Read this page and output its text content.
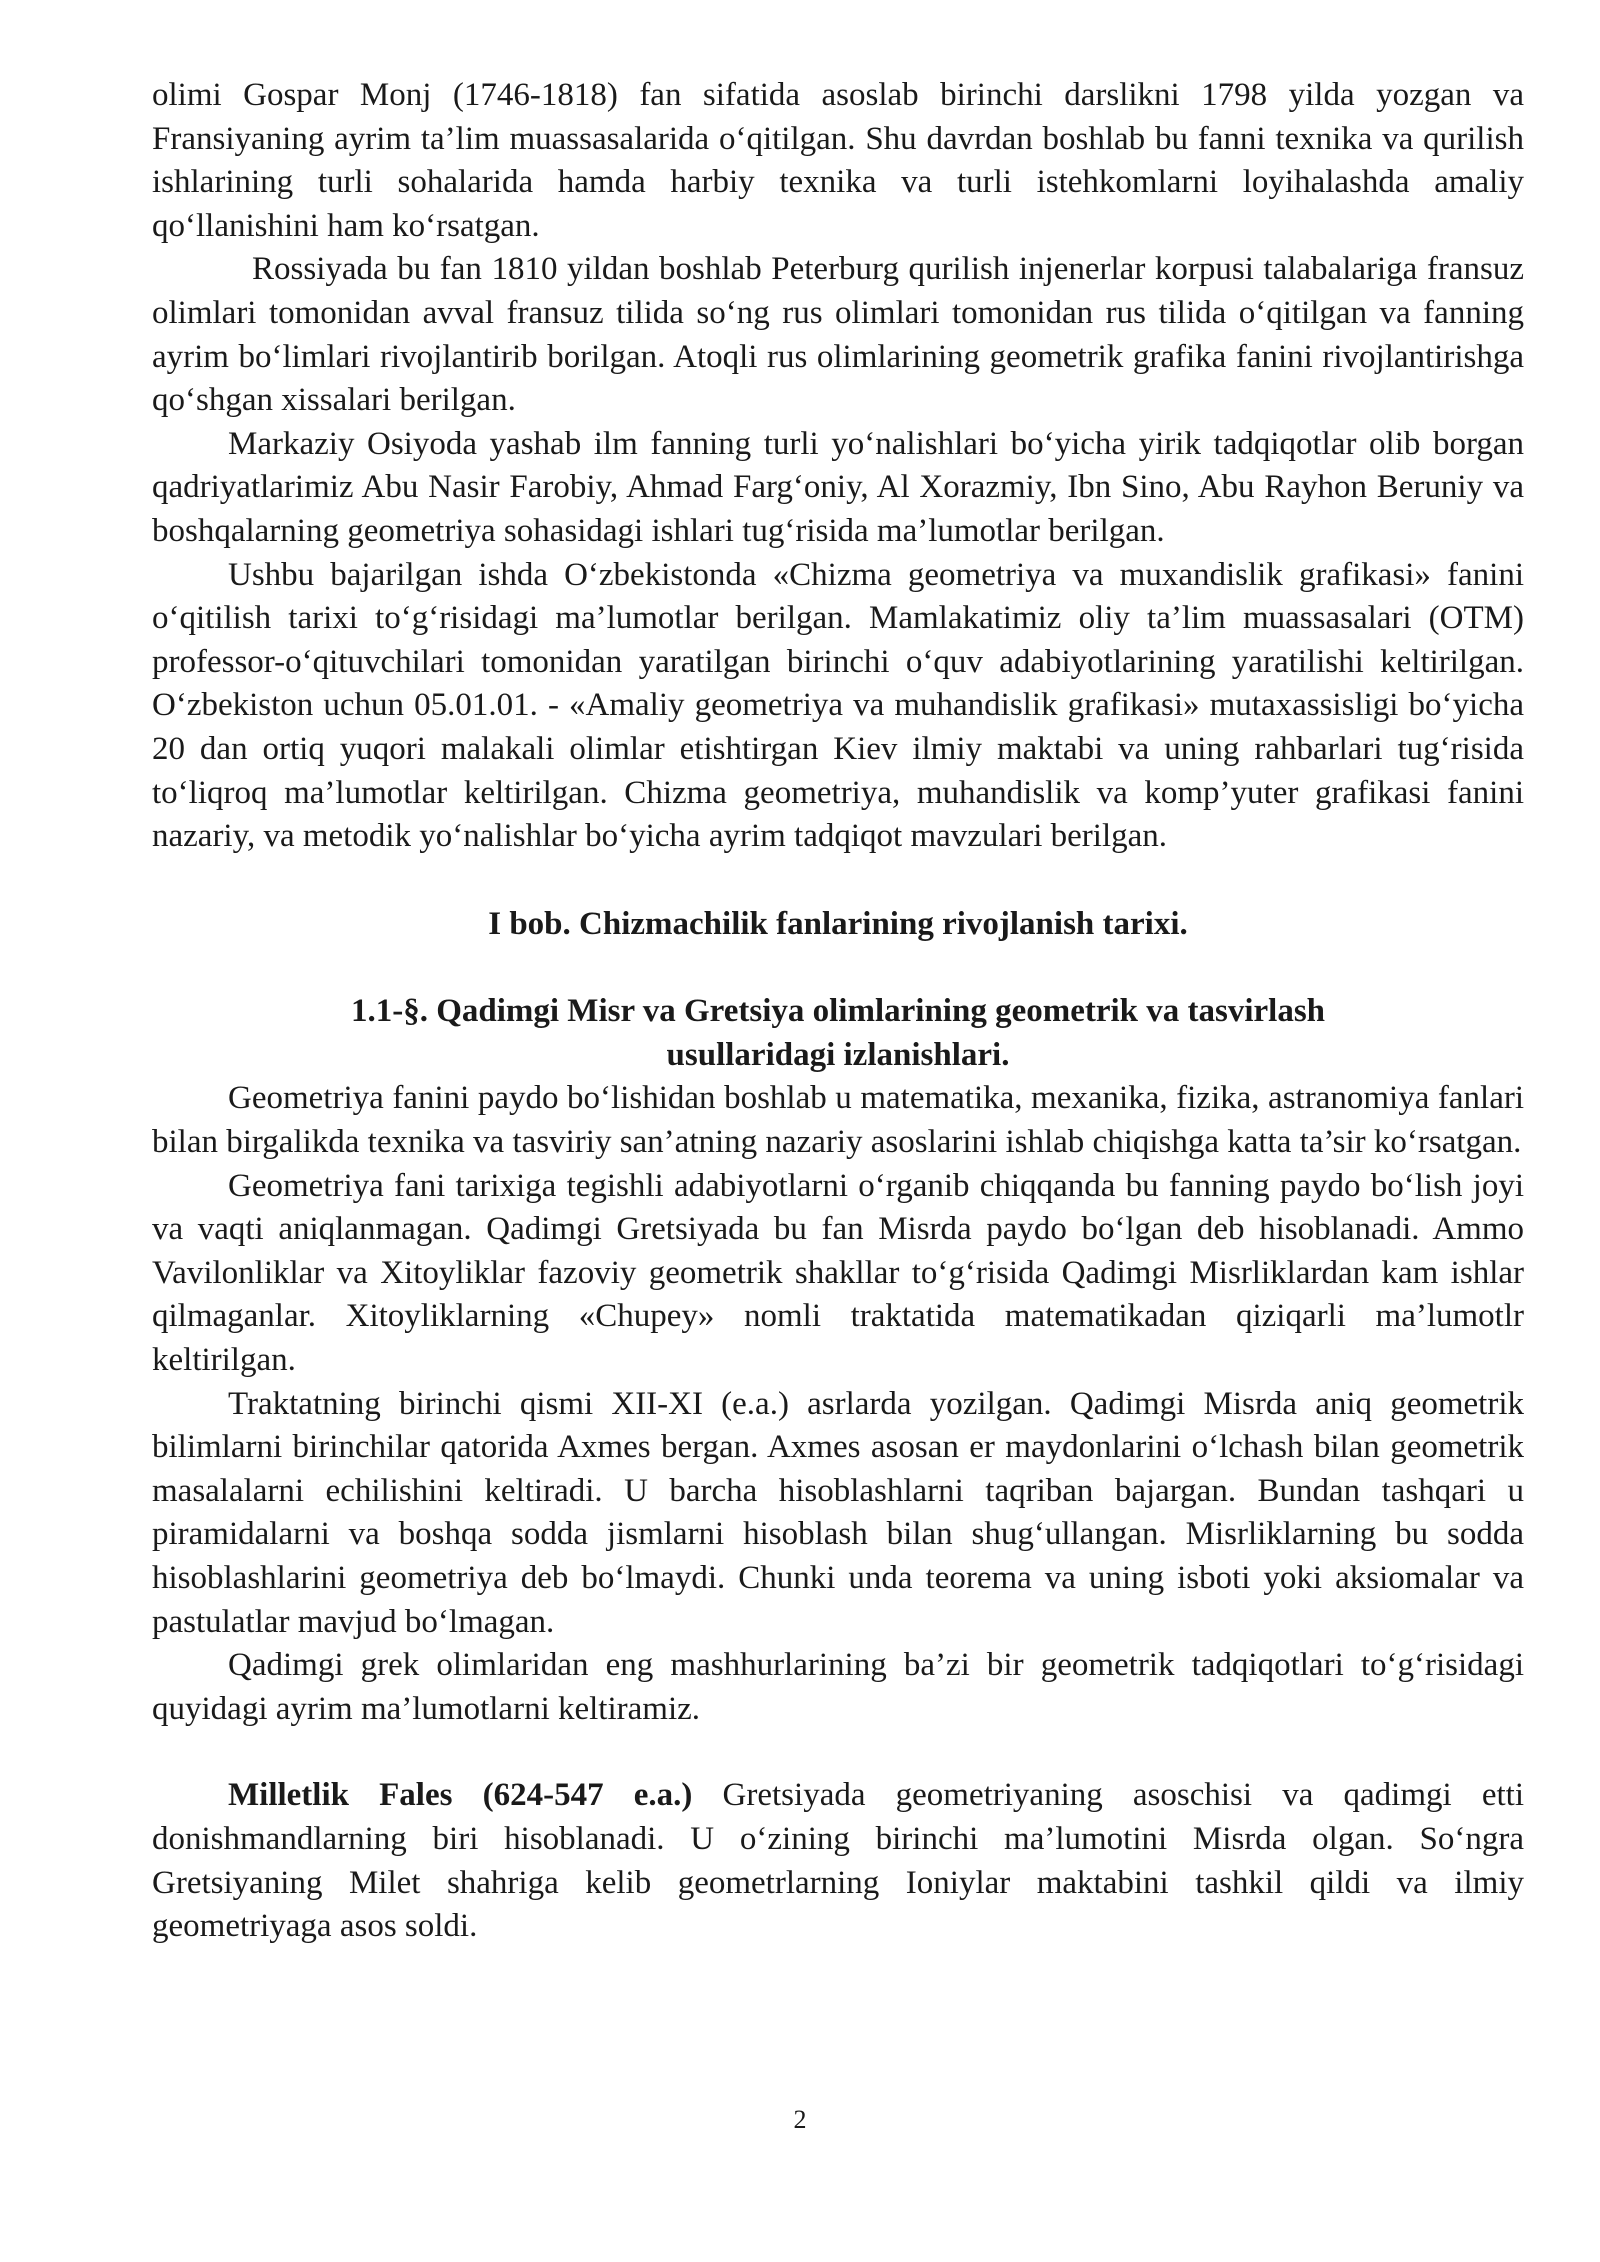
olimi Gospar Monj (1746-1818) fan sifatida asoslab birinchi darslikni 1798 yilda yozgan va Fransiyaning ayrim ta’lim muassasalarida o‘qitilgan. Shu davrdan boshlab bu fanni texnika va qurilish ishlarining turli sohalarida hamda harbiy texnika va turli istehkomlarni loyihalashda amaliy qo‘llanishini ham ko‘rsatgan.

Rossiyada bu fan 1810 yildan boshlab Peterburg qurilish injenerlar korpusi talabalariga fransuz olimlari tomonidan avval fransuz tilida so‘ng rus olimlari tomonidan rus tilida o‘qitilgan va fanning ayrim bo‘limlari rivojlantirib borilgan. Atoqli rus olimlarining geometrik grafika fanini rivojlantirishga qo‘shgan xissalari berilgan.

Markaziy Osiyoda yashab ilm fanning turli yo‘nalishlari bo‘yicha yirik tadqiqotlar olib borgan qadriyatlarimiz Abu Nasir Farobiy, Ahmad Farg‘oniy, Al Xorazmiy, Ibn Sino, Abu Rayhon Beruniy va boshqalarning geometriya sohasidagi ishlari tug‘risida ma’lumotlar berilgan.

Ushbu bajarilgan ishda O‘zbekistonda «Chizma geometriya va muxandislik grafikasi» fanini o‘qitilish tarixi to‘g‘risidagi ma’lumotlar berilgan. Mamlakatimiz oliy ta’lim muassasalari (OTM) professor-o‘qituvchilari tomonidan yaratilgan birinchi o‘quv adabiyotlarining yaratilishi keltirilgan. O‘zbekiston uchun 05.01.01. - «Amaliy geometriya va muhandislik grafikasi» mutaxassisligi bo‘yicha 20 dan ortiq yuqori malakali olimlar etishtirgan Kiev ilmiy maktabi va uning rahbarlari tug‘risida to‘liqroq ma’lumotlar keltirilgan. Chizma geometriya, muhandislik va komp’yuter grafikasi fanini nazariy, va metodik yo‘nalishlar bo‘yicha ayrim tadqiqot mavzulari berilgan.

I bob. Chizmachilik fanlarining rivojlanish tarixi.

1.1-§. Qadimgi Misr va Gretsiya olimlarining geometrik va tasvirlash
usullaridagi izlanishlari.

Geometriya fanini paydo bo‘lishidan boshlab u matematika, mexanika, fizika, astranomiya fanlari bilan birgalikda texnika va tasviriy san’atning nazariy asoslarini ishlab chiqishga katta ta’sir ko‘rsatgan.

Geometriya fani tarixiga tegishli adabiyotlarni o‘rganib chiqqanda bu fanning paydo bo‘lish joyi va vaqti aniqlanmagan. Qadimgi Gretsiyada bu fan Misrda paydo bo‘lgan deb hisoblanadi. Ammo Vavilonliklar va Xitoyliklar fazoviy geometrik shakllar to‘g‘risida Qadimgi Misrliklardan kam ishlar qilmaganlar. Xitoyliklarning «Chupey» nomli traktatida matematikadan qiziqarli ma’lumotlr keltirilgan.

Traktatning birinchi qismi XII-XI (e.a.) asrlarda yozilgan. Qadimgi Misrda aniq geometrik bilimlarni birinchilar qatorida Axmes bergan. Axmes asosan er maydonlarini o‘lchash bilan geometrik masalalarni echilishini keltiradi. U barcha hisoblashlarni taqriban bajargan. Bundan tashqari u piramidalarni va boshqa sodda jismlarni hisoblash bilan shug‘ullangan. Misrliklarning bu sodda hisoblashlarini geometriya deb bo‘lmaydi. Chunki unda teorema va uning isboti yoki aksiomalar va pastulatlar mavjud bo‘lmagan.

Qadimgi grek olimlaridan eng mashhurlarining ba’zi bir geometrik tadqiqotlari to‘g‘risidagi quyidagi ayrim ma’lumotlarni keltiramiz.

Milletlik Fales (624-547 e.a.) Gretsiyada geometriyaning asoschisi va qadimgi etti donishmandlarning biri hisoblanadi. U o‘zining birinchi ma’lumotini Misrda olgan. So‘ngra Gretsiyaning Milet shahriga kelib geometrlarning Ioniylar maktabini tashkil qildi va ilmiy geometriyaga asos soldi.

2
